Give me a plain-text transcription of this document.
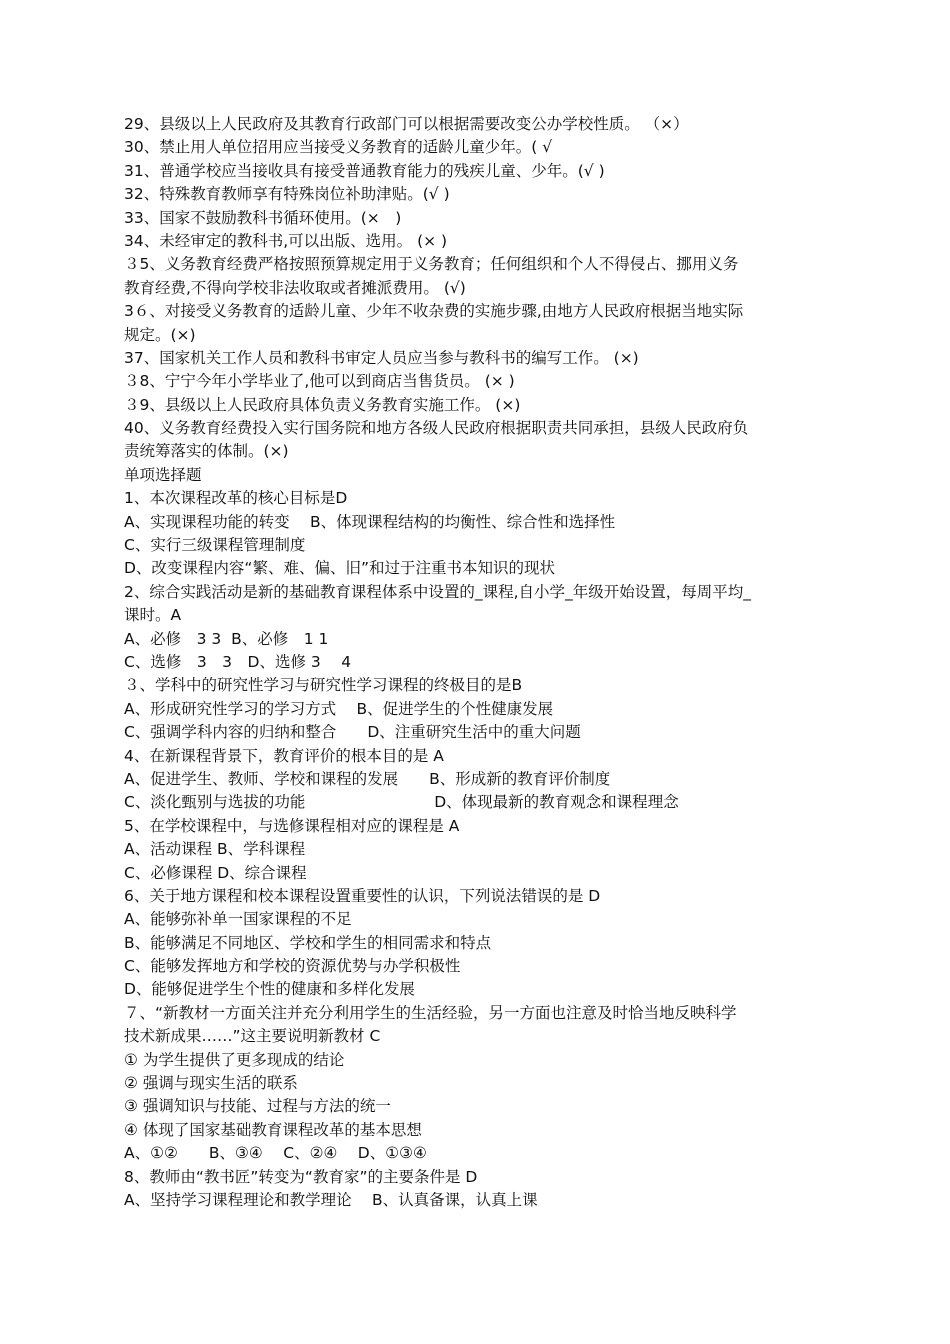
29、县级以上人民政府及其教育行政部门可以根据需要改变公办学校性质。 （×）
30、禁止用人单位招用应当接受义务教育的适龄儿童少年。( √
31、普通学校应当接收具有接受普通教育能力的残疾儿童、少年。(√ )
32、特殊教育教师享有特殊岗位补助津贴。(√ )
33、国家不鼓励教科书循环使用。(×　)
34、未经审定的教科书,可以出版、选用。 (× )
３5、义务教育经费严格按照预算规定用于义务教育；任何组织和个人不得侵占、挪用义务
教育经费,不得向学校非法收取或者摊派费用。 (√)
3６、对接受义务教育的适龄儿童、少年不收杂费的实施步骤,由地方人民政府根据当地实际
规定。(×)
37、国家机关工作人员和教科书审定人员应当参与教科书的编写工作。 (×)
３8、宁宁今年小学毕业了,他可以到商店当售货员。 (× )
３9、县级以上人民政府具体负责义务教育实施工作。 (×)
40、义务教育经费投入实行国务院和地方各级人民政府根据职责共同承担，县级人民政府负
责统筹落实的体制。(×)
单项选择题
1、本次课程改革的核心目标是D
A、实现课程功能的转变　 B、体现课程结构的均衡性、综合性和选择性
C、实行三级课程管理制度
D、改变课程内容“繁、难、偏、旧”和过于注重书本知识的现状
2、综合实践活动是新的基础教育课程体系中设置的_课程,自小学_年级开始设置，每周平均_
课时。A
A、必修　3 3  B、必修　1 1
C、选修　3　3　D、选修 3　 4
３、学科中的研究性学习与研究性学习课程的终极目的是B
A、形成研究性学习的学习方式　 B、促进学生的个性健康发展
C、强调学科内容的归纳和整合　　D、注重研究生活中的重大问题
4、在新课程背景下，教育评价的根本目的是 A
A、促进学生、教师、学校和课程的发展　　B、形成新的教育评价制度
C、淡化甄别与选拔的功能　　　　　　　　 D、体现最新的教育观念和课程理念
5、在学校课程中，与选修课程相对应的课程是 A
A、活动课程 B、学科课程
C、必修课程 D、综合课程
6、关于地方课程和校本课程设置重要性的认识，下列说法错误的是 D
A、能够弥补单一国家课程的不足
B、能够满足不同地区、学校和学生的相同需求和特点
C、能够发挥地方和学校的资源优势与办学积极性
D、能够促进学生个性的健康和多样化发展
７、“新教材一方面关注并充分利用学生的生活经验，另一方面也注意及时恰当地反映科学
技术新成果……”这主要说明新教材 C
① 为学生提供了更多现成的结论
② 强调与现实生活的联系
③ 强调知识与技能、过程与方法的统一
④ 体现了国家基础教育课程改革的基本思想
A、①②　　B、③④　 C、②④　 D、①③④
8、教师由“教书匠”转变为“教育家”的主要条件是 D
A、坚持学习课程理论和教学理论　 B、认真备课，认真上课
